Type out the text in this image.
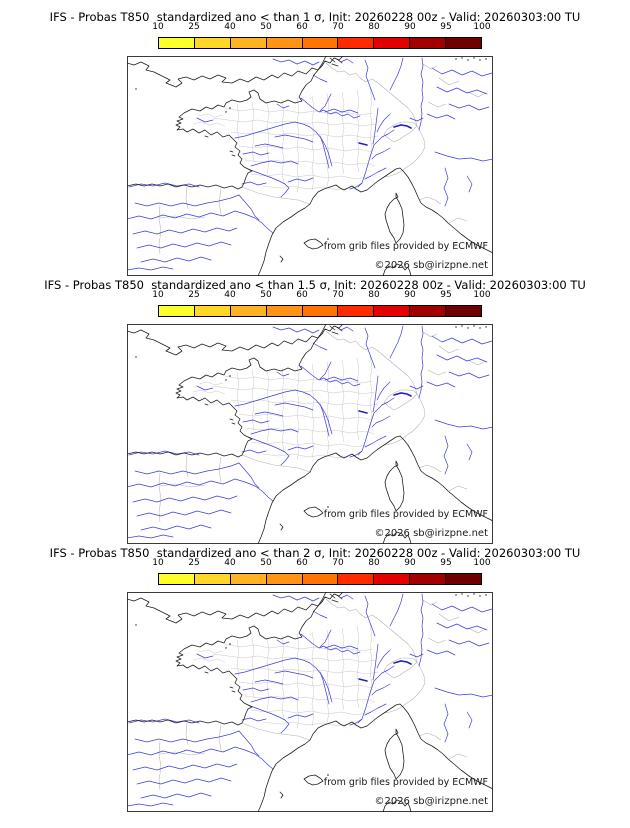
IFS - Probas T850  standardized ano < than 1 σ, Init: 20260228 00z - Valid: 20260303:00 TU
10	25	40	50	60	70	80	90	95 100
from grib files provided by ECMWF
©2026 sb@irizpne.net
IFS - Probas T850  standardized ano < than 1.5 σ, Init: 20260228 00z - Valid: 20260303:00 TU
10	25	40	50	60	70	80	90	95 100
from grib files provided by ECMWF
©2026 sb@irizpne.net
IFS - Probas T850  standardized ano < than 2 σ, Init: 20260228 00z - Valid: 20260303:00 TU
10	25	40	50	60	70	80	90	95 100
from grib files provided by ECMWF
©2026 sb@irizpne.net
